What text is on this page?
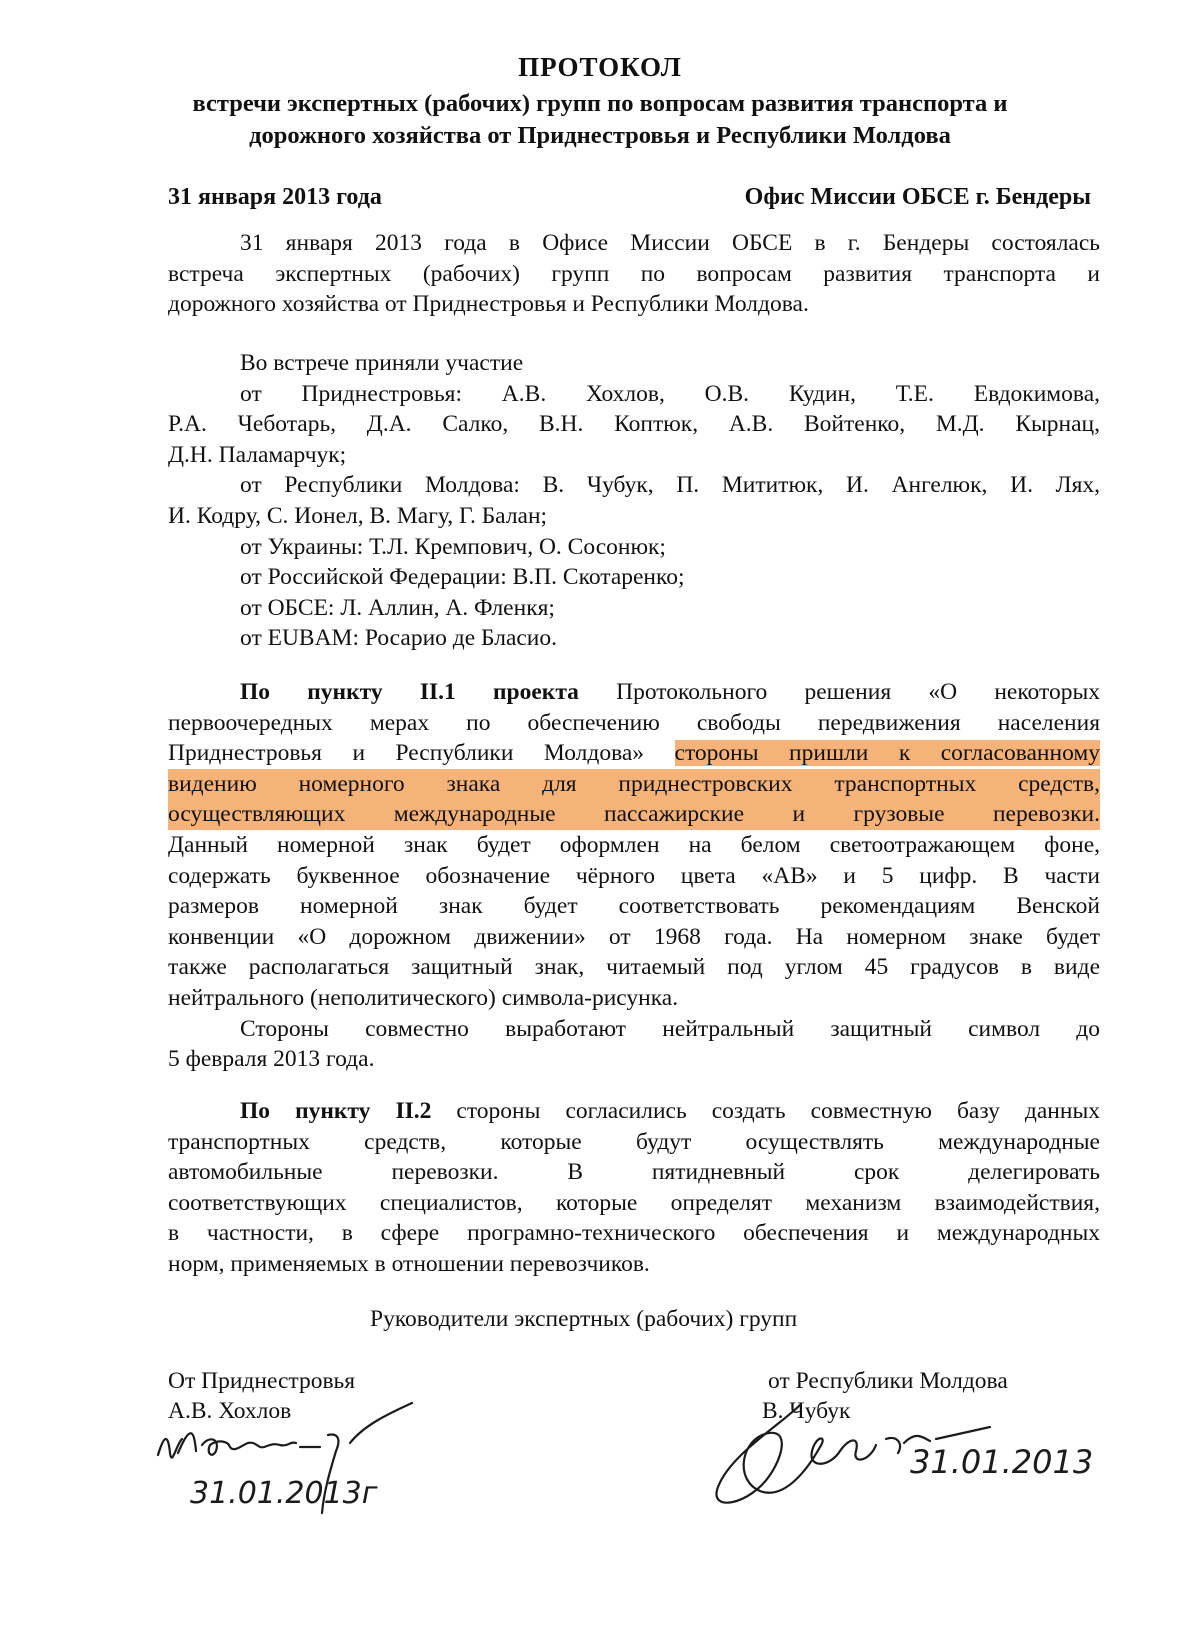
ПРОТОКОЛ
встречи экспертных (рабочих) групп по вопросам развития транспорта и
дорожного хозяйства от Приднестровья и Республики Молдова
31 января 2013 года	Офис Миссии ОБСЕ г. Бендеры
31 января 2013 года в Офисе Миссии ОБСЕ в г. Бендеры состоялась
встреча экспертных (рабочих) групп по вопросам развития транспорта и
дорожного хозяйства от Приднестровья и Республики Молдова.
Во встрече приняли участие
от Приднестровья: А.В. Хохлов, О.В. Кудин, Т.Е. Евдокимова,
Р.А. Чеботарь, Д.А. Салко, В.Н. Коптюк, А.В. Войтенко, М.Д. Кырнац,
Д.Н. Паламарчук;
от Республики Молдова: В. Чубук, П. Мититюк, И. Ангелюк, И. Лях,
И. Кодру, С. Ионел, В. Магу, Г. Балан;
от Украины: Т.Л. Кремпович, О. Сосонюк;
от Российской Федерации: В.П. Скотаренко;
от ОБСЕ: Л. Аллин, А. Фленкя;
от EUBAM: Росарио де Бласио.
По пункту II.1 проекта Протокольного решения «О некоторых
первоочередных мерах по обеспечению свободы передвижения населения
Приднестровья и Республики Молдова» стороны пришли к согласованному
видению номерного знака для приднестровских транспортных средств,
осуществляющих международные пассажирские и грузовые перевозки.
Данный номерной знак будет оформлен на белом светоотражающем фоне,
содержать буквенное обозначение чёрного цвета «АВ» и 5 цифр. В части
размеров номерной знак будет соответствовать рекомендациям Венской
конвенции «О дорожном движении» от 1968 года. На номерном знаке будет
также располагаться защитный знак, читаемый под углом 45 градусов в виде
нейтрального (неполитического) символа-рисунка.
Стороны совместно выработают нейтральный защитный символ до
5 февраля 2013 года.
По пункту II.2 стороны согласились создать совместную базу данных
транспортных средств, которые будут осуществлять международные
автомобильные перевозки. В пятидневный срок делегировать
соответствующих специалистов, которые определят механизм взаимодействия,
в частности, в сфере програмно-технического обеспечения и международных
норм, применяемых в отношении перевозчиков.
Руководители экспертных (рабочих) групп
От Приднестровья
А.В. Хохлов
от Республики Молдова
В. Чубук
31.01.2013г
31.01.2013
